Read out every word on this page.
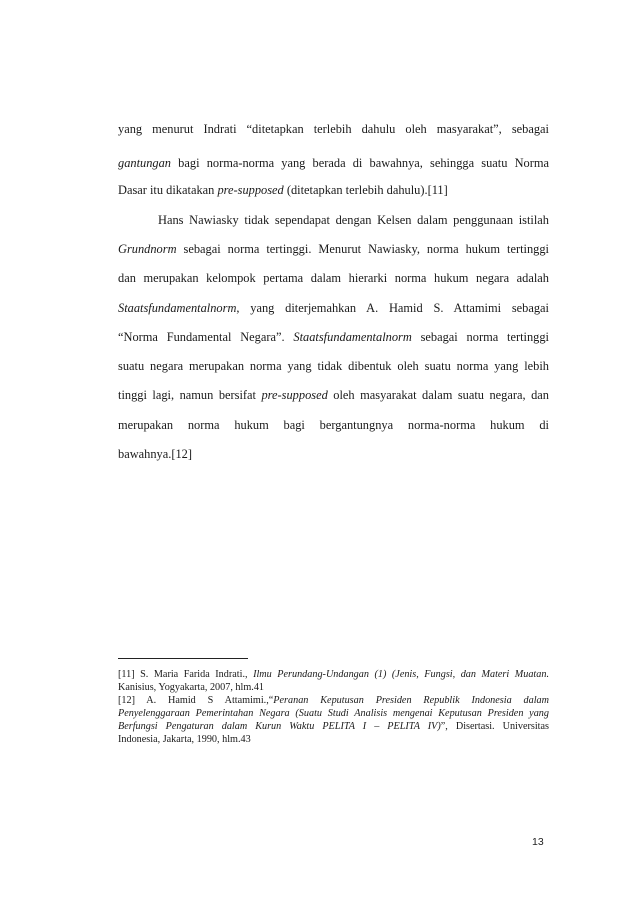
yang menurut Indrati “ditetapkan terlebih dahulu oleh masyarakat”, sebagai
gantungan bagi norma-norma yang berada di bawahnya, sehingga suatu Norma
Dasar itu dikatakan pre-supposed (ditetapkan terlebih dahulu).[11]
Hans Nawiasky tidak sependapat dengan Kelsen dalam penggunaan istilah
Grundnorm sebagai norma tertinggi. Menurut Nawiasky, norma hukum tertinggi
dan merupakan kelompok pertama dalam hierarki norma hukum negara adalah
Staatsfundamentalnorm, yang diterjemahkan A. Hamid S. Attamimi sebagai
“Norma Fundamental Negara”. Staatsfundamentalnorm sebagai norma tertinggi
suatu negara merupakan norma yang tidak dibentuk oleh suatu norma yang lebih
tinggi lagi, namun bersifat pre-supposed oleh masyarakat dalam suatu negara, dan
merupakan norma hukum bagi bergantungnya norma-norma hukum di
bawahnya.[12]
[11] S. Maria Farida Indrati., Ilmu Perundang-Undangan (1) (Jenis, Fungsi, dan Materi Muatan.
Kanisius, Yogyakarta, 2007, hlm.41
[12] A. Hamid S Attamimi.,“Peranan Keputusan Presiden Republik Indonesia dalam
Penyelenggaraan Pemerintahan Negara (Suatu Studi Analisis mengenai Keputusan Presiden yang
Berfungsi Pengaturan dalam Kurun Waktu PELITA I – PELITA IV)”, Disertasi. Universitas
Indonesia, Jakarta, 1990, hlm.43
13
